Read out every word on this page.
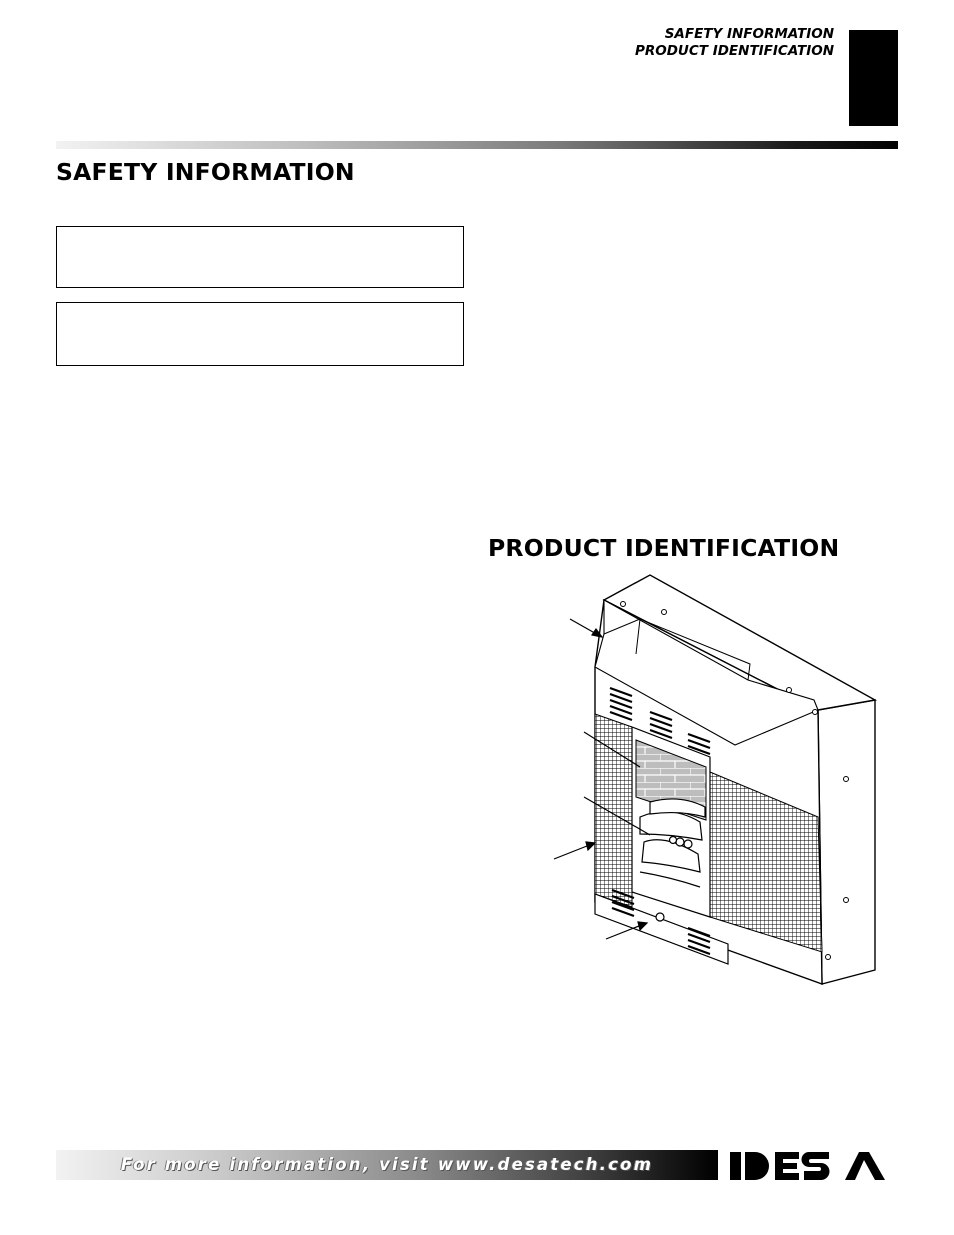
SAFETY INFORMATION
PRODUCT IDENTIFICATION
SAFETY INFORMATION
PRODUCT IDENTIFICATION
For more information, visit www.desatech.com
